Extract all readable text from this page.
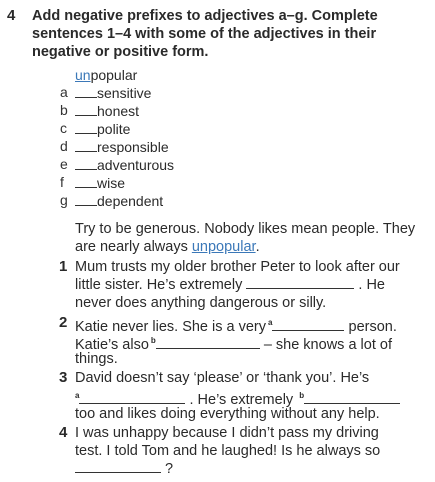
4 Add negative prefixes to adjectives a–g. Complete
sentences 1–4 with some of the adjectives in their
negative or positive form.
unpopular
a	sensitive
b	honest
c	polite
d	responsible
e	adventurous
f	wise
g	dependent
Try to be generous. Nobody likes mean people. They
are nearly always unpopular.
1 Mum trusts my older brother Peter to look after our
little sister. He’s extremely	. He
never does anything dangerous or silly.
2 Katie never lies. She is a very $^a$	person.
Katie’s also $^b$	– she knows a lot of
things.
3 David doesn’t say ‘please’ or ‘thank you’. He’s
$^a$	. He’s extremely $^b$
too and likes doing everything without any help.
4 I was unhappy because I didn’t pass my driving
test. I told Tom and he laughed! Is he always so
?
